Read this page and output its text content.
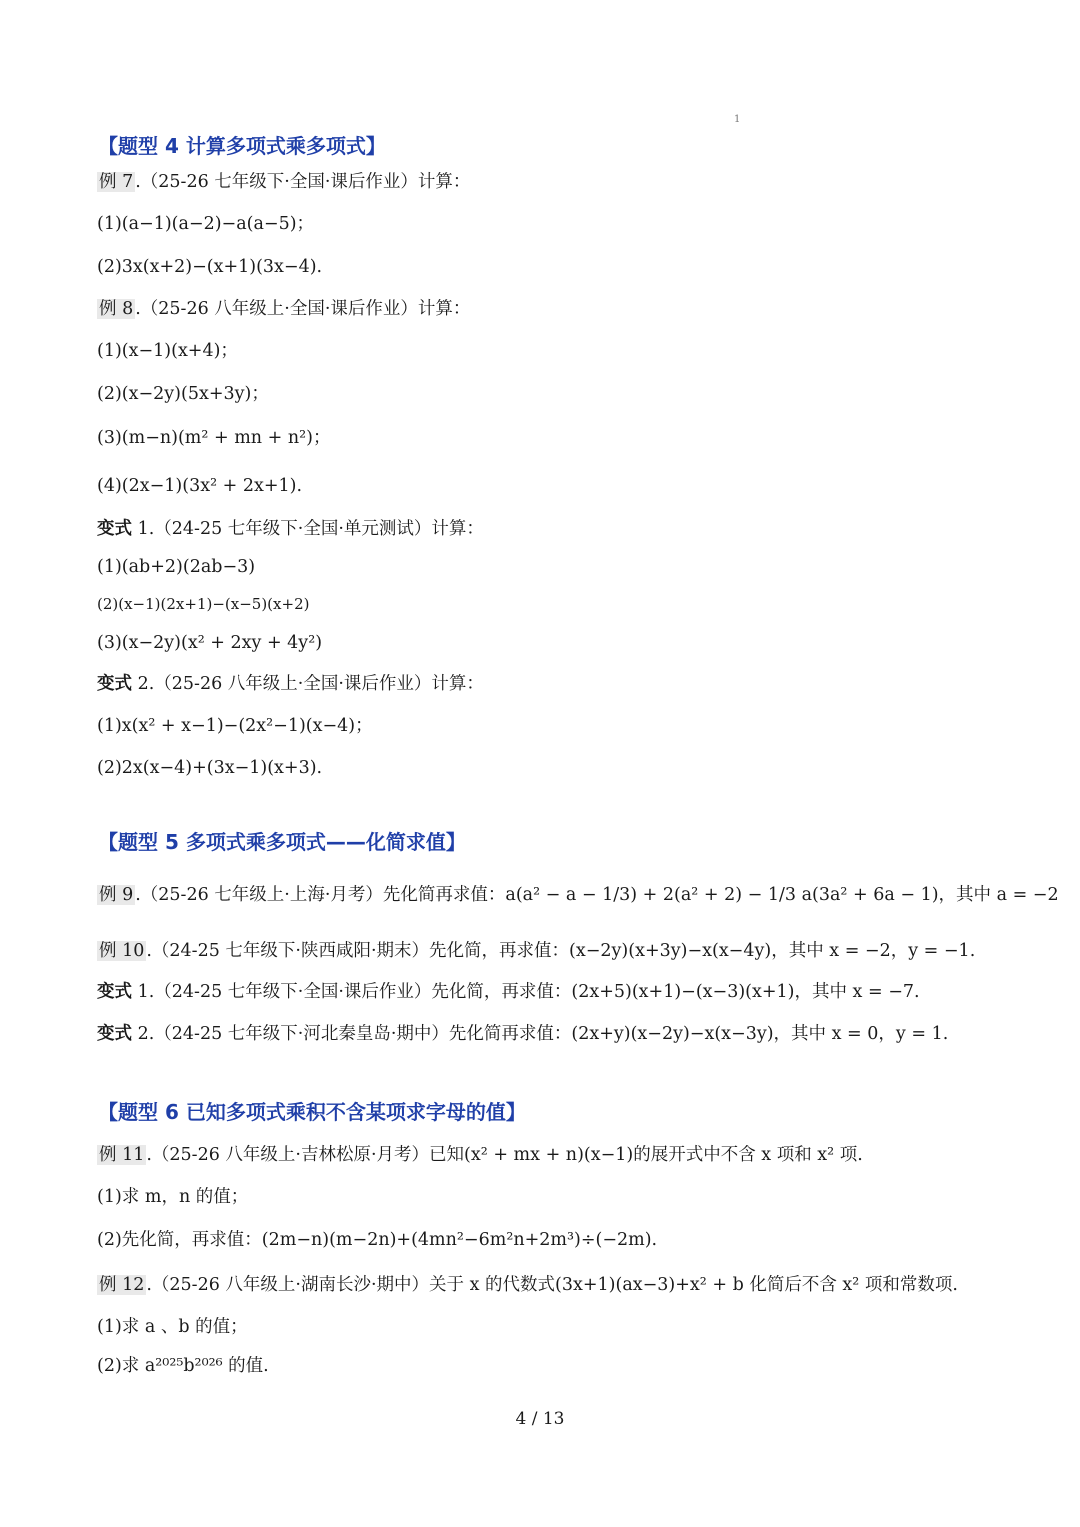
1
【题型 4 计算多项式乘多项式】
例 7 .（25-26 七年级下·全国·课后作业）计算：
(1)(a−1)(a−2)−a(a−5)；
(2)3x(x+2)−(x+1)(3x−4).
例 8 .（25-26 八年级上·全国·课后作业）计算：
(1)(x−1)(x+4)；
(2)(x−2y)(5x+3y)；
(3)(m−n)(m² + mn + n²)；
(4)(2x−1)(3x² + 2x+1).
变式 1.（24-25 七年级下·全国·单元测试）计算：
(1)(ab+2)(2ab−3)
(2)(x−1)(2x+1)−(x−5)(x+2)
(3)(x−2y)(x² + 2xy + 4y²)
变式 2.（25-26 八年级上·全国·课后作业）计算：
(1)x(x² + x−1)−(2x²−1)(x−4)；
(2)2x(x−4)+(3x−1)(x+3).
【题型 5 多项式乘多项式——化简求值】
例 9 .（25-26 七年级上·上海·月考）先化简再求值：a(a² − a − 1/3) + 2(a² + 2) − 1/3 a(3a² + 6a − 1)，其中 a = −2
例 10 .（24-25 七年级下·陕西咸阳·期末）先化简，再求值：(x−2y)(x+3y)−x(x−4y)，其中 x = −2，y = −1.
变式 1.（24-25 七年级下·全国·课后作业）先化简，再求值：(2x+5)(x+1)−(x−3)(x+1)，其中 x = −7.
变式 2.（24-25 七年级下·河北秦皇岛·期中）先化简再求值：(2x+y)(x−2y)−x(x−3y)，其中 x = 0，y = 1.
【题型 6 已知多项式乘积不含某项求字母的值】
例 11 .（25-26 八年级上·吉林松原·月考）已知(x² + mx + n)(x−1)的展开式中不含 x 项和 x² 项.
(1)求 m，n 的值；
(2)先化简，再求值：(2m−n)(m−2n)+(4mn²−6m²n+2m³)÷(−2m).
例 12 .（25-26 八年级上·湖南长沙·期中）关于 x 的代数式(3x+1)(ax−3)+x² + b 化简后不含 x² 项和常数项.
(1)求 a 、b 的值；
(2)求 a²⁰²⁵b²⁰²⁶ 的值.
4 / 13
